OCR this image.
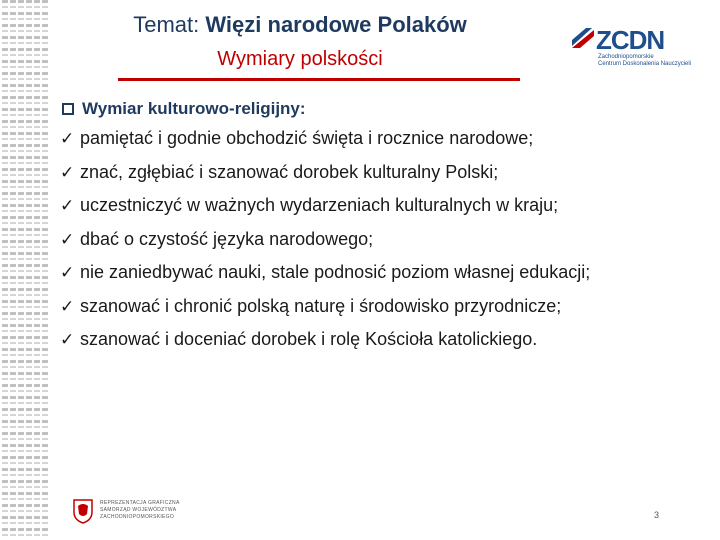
Temat: Więzi narodowe Polaków
Wymiary polskości
ZCDN
Zachodniopomorskie
Centrum Doskonalenia Nauczycieli
Wymiar kulturowo-religijny:
✓ pamiętać i godnie obchodzić święta i rocznice narodowe;
✓ znać, zgłębiać i szanować dorobek kulturalny Polski;
✓ uczestniczyć w ważnych wydarzeniach kulturalnych w kraju;
✓ dbać o czystość języka narodowego;
✓ nie zaniedbywać nauki, stale podnosić poziom własnej edukacji;
✓ szanować i chronić polską naturę i środowisko przyrodnicze;
✓ szanować i doceniać dorobek i rolę Kościoła katolickiego.
REPREZENTACJA GRAFICZNA
SAMORZĄD WOJEWÓDZTWA
ZACHODNIOPOMORSKIEGO	3
